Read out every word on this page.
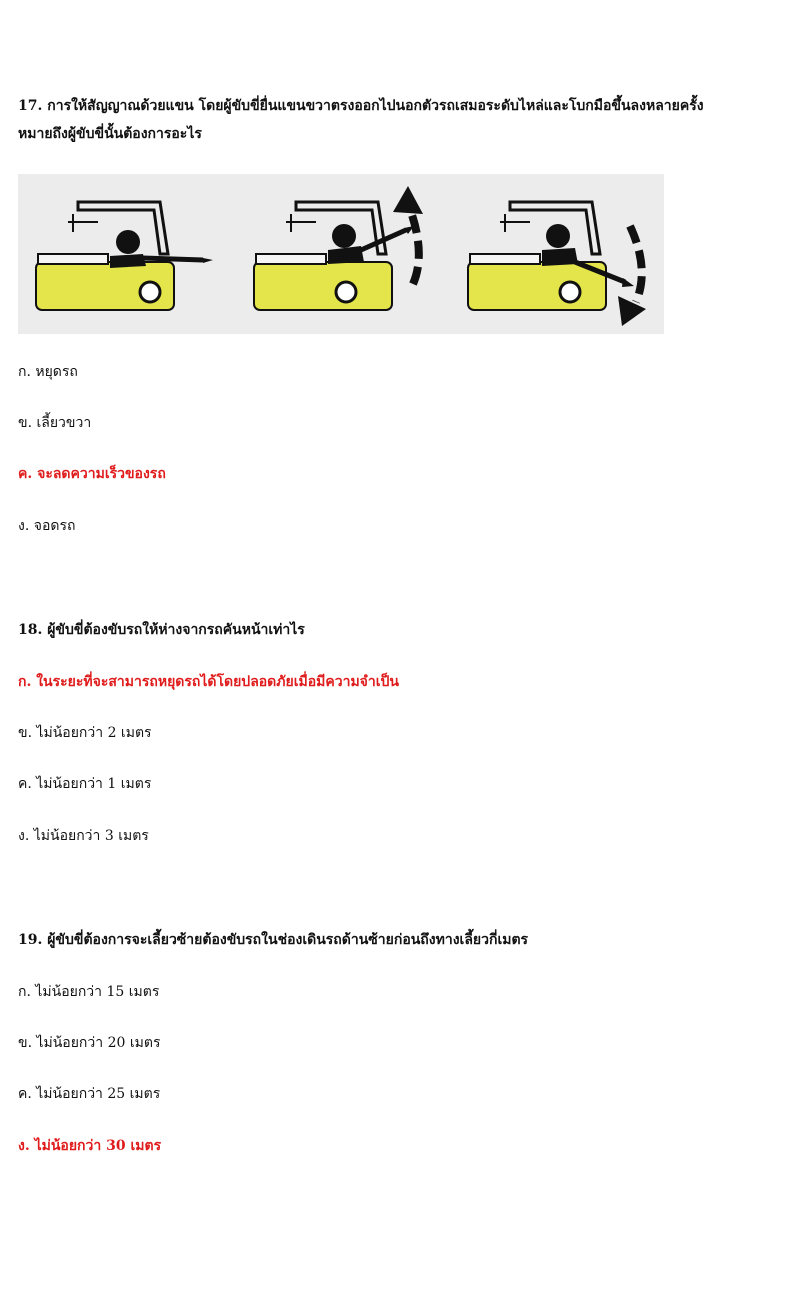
17. การให้สัญญาณด้วยแขน โดยผู้ขับขี่ยื่นแขนขวาตรงออกไปนอกตัวรถเสมอระดับไหล่และโบกมือขึ้นลงหลายครั้ง
หมายถึงผู้ขับขี่นั้นต้องการอะไร
ก. หยุดรถ
ข. เลี้ยวขวา
ค. จะลดความเร็วของรถ
ง. จอดรถ
18. ผู้ขับขี่ต้องขับรถให้ห่างจากรถคันหน้าเท่าไร
ก. ในระยะที่จะสามารถหยุดรถได้โดยปลอดภัยเมื่อมีความจำเป็น
ข. ไม่น้อยกว่า 2 เมตร
ค. ไม่น้อยกว่า 1 เมตร
ง. ไม่น้อยกว่า 3 เมตร
19. ผู้ขับขี่ต้องการจะเลี้ยวซ้ายต้องขับรถในช่องเดินรถด้านซ้ายก่อนถึงทางเลี้ยวกี่เมตร
ก. ไม่น้อยกว่า 15 เมตร
ข. ไม่น้อยกว่า 20 เมตร
ค. ไม่น้อยกว่า 25 เมตร
ง. ไม่น้อยกว่า 30 เมตร
